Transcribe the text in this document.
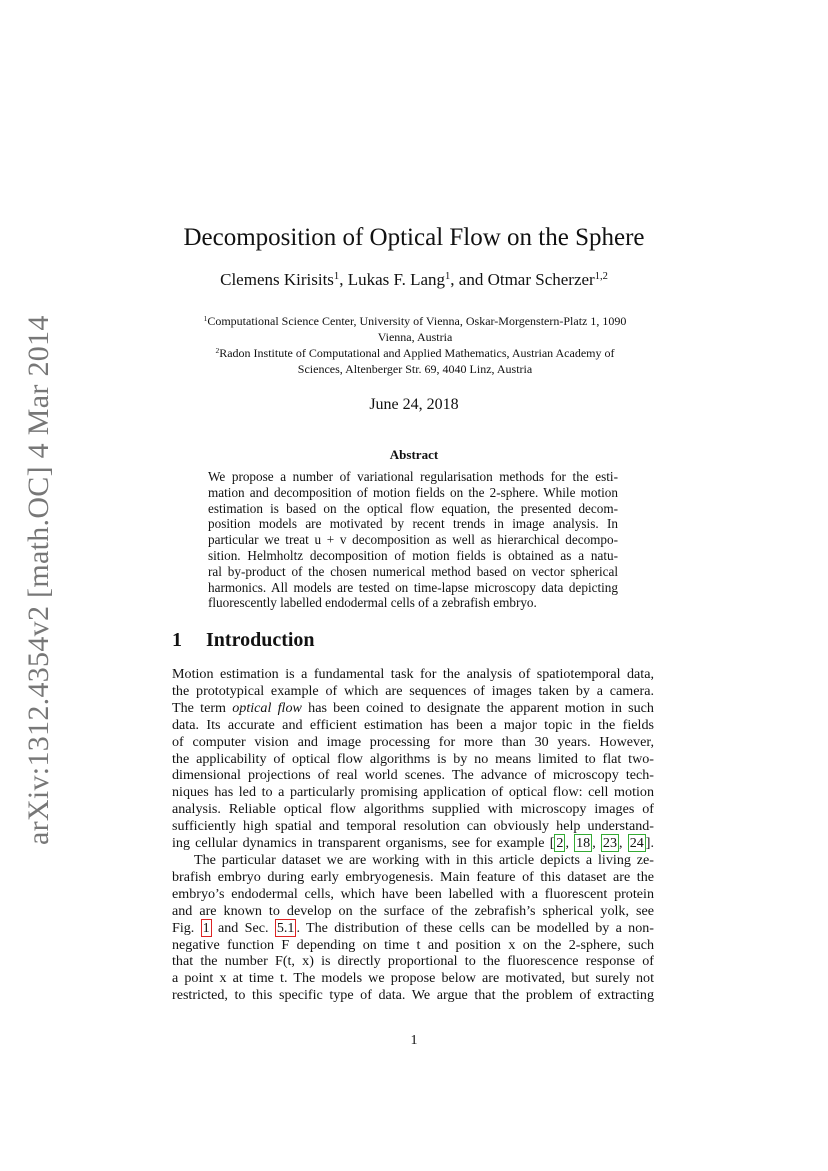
arXiv:1312.4354v2 [math.OC] 4 Mar 2014
Decomposition of Optical Flow on the Sphere
Clemens Kirisits$^1$, Lukas F. Lang$^1$, and Otmar Scherzer$^{1,2}$
$^1$Computational Science Center, University of Vienna, Oskar-Morgenstern-Platz 1, 1090
Vienna, Austria
$^2$Radon Institute of Computational and Applied Mathematics, Austrian Academy of
Sciences, Altenberger Str. 69, 4040 Linz, Austria
June 24, 2018
Abstract
We propose a number of variational regularisation methods for the esti-
mation and decomposition of motion fields on the 2-sphere. While motion
estimation is based on the optical flow equation, the presented decom-
position models are motivated by recent trends in image analysis. In
particular we treat u + v decomposition as well as hierarchical decompo-
sition. Helmholtz decomposition of motion fields is obtained as a natu-
ral by-product of the chosen numerical method based on vector spherical
harmonics. All models are tested on time-lapse microscopy data depicting
fluorescently labelled endodermal cells of a zebrafish embryo.
1 Introduction
Motion estimation is a fundamental task for the analysis of spatiotemporal data,
the prototypical example of which are sequences of images taken by a camera.
The term optical flow has been coined to designate the apparent motion in such
data. Its accurate and efficient estimation has been a major topic in the fields
of computer vision and image processing for more than 30 years. However,
the applicability of optical flow algorithms is by no means limited to flat two-
dimensional projections of real world scenes. The advance of microscopy tech-
niques has led to a particularly promising application of optical flow: cell motion
analysis. Reliable optical flow algorithms supplied with microscopy images of
sufficiently high spatial and temporal resolution can obviously help understand-
ing cellular dynamics in transparent organisms, see for example [ 2 , 18 , 23 , 24 ].
The particular dataset we are working with in this article depicts a living ze-
brafish embryo during early embryogenesis. Main feature of this dataset are the
embryo’s endodermal cells, which have been labelled with a fluorescent protein
and are known to develop on the surface of the zebrafish’s spherical yolk, see
Fig. 1 and Sec. 5.1 . The distribution of these cells can be modelled by a non-
negative function F depending on time t and position x on the 2-sphere, such
that the number F(t, x) is directly proportional to the fluorescence response of
a point x at time t. The models we propose below are motivated, but surely not
restricted, to this specific type of data. We argue that the problem of extracting
1
